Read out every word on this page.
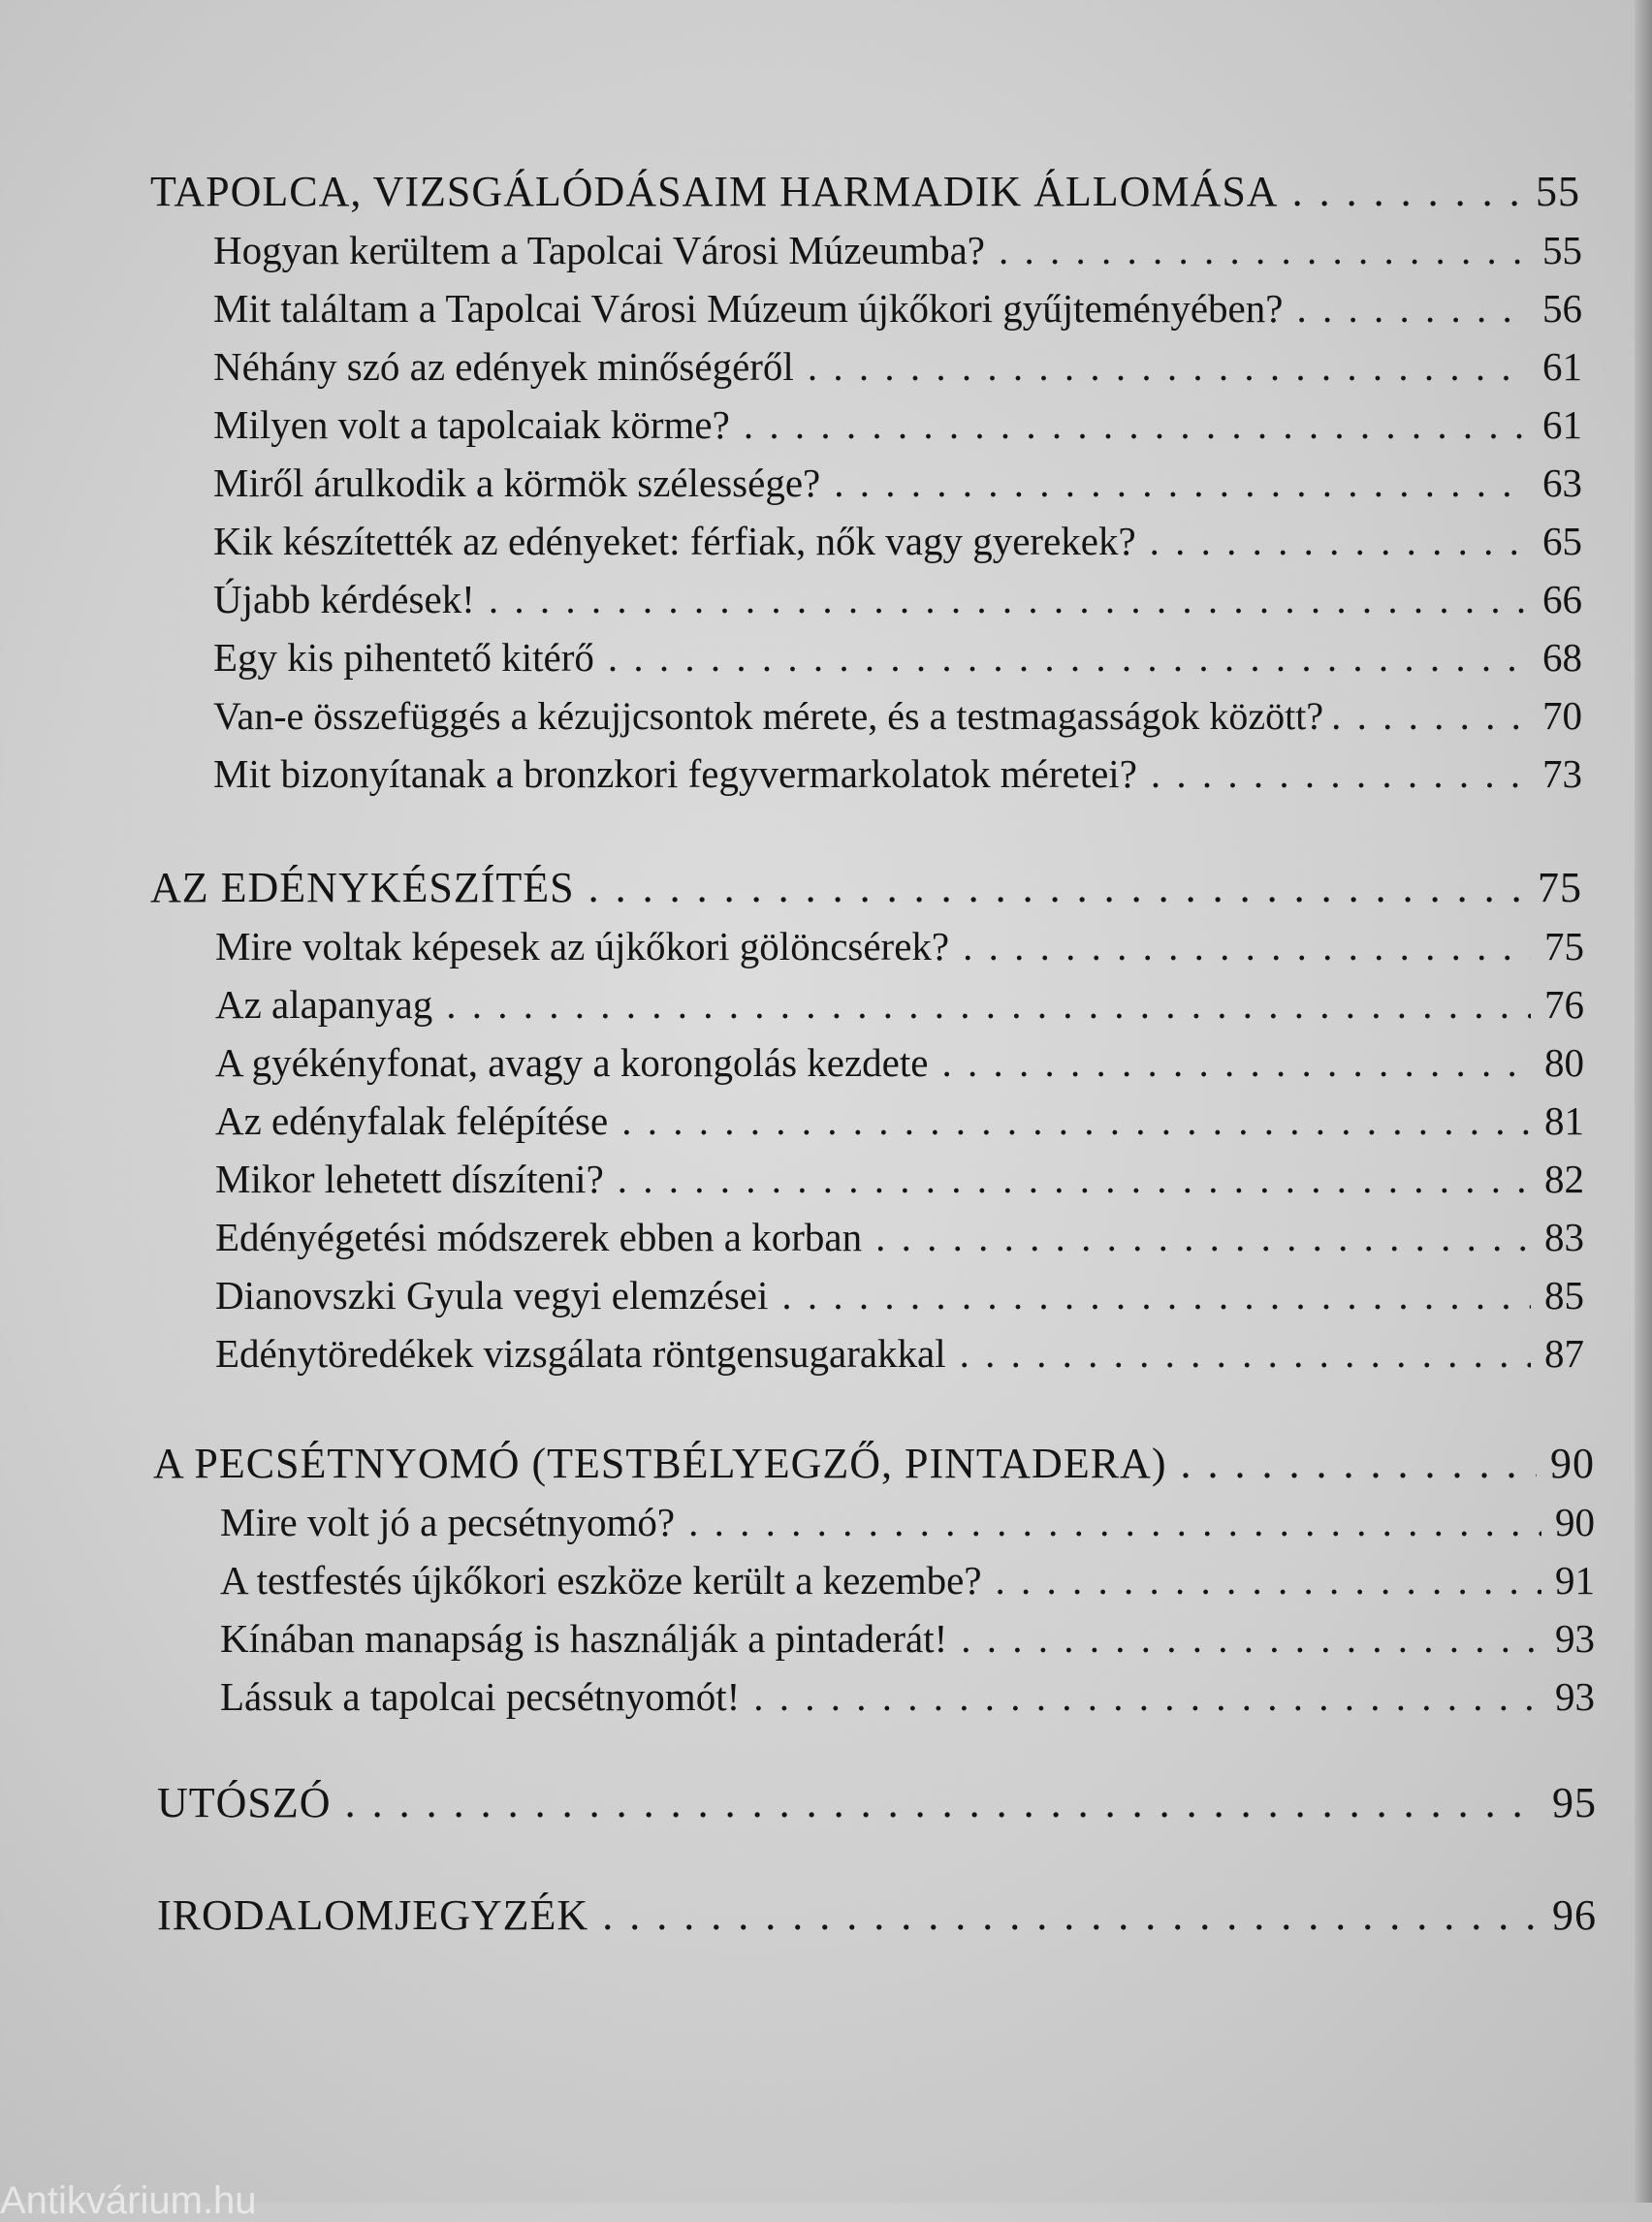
TAPOLCA, VIZSGÁLÓDÁSAIM HARMADIK ÁLLOMÁSA . . .	55
Hogyan kerültem a Tapolcai Városi Múzeumba? . . .	55
Mit találtam a Tapolcai Városi Múzeum újkőkori gyűjteményében? . . .	56
Néhány szó az edények minőségéről . . .	61
Milyen volt a tapolcaiak körme? . . .	61
Miről árulkodik a körmök szélessége? . . .	63
Kik készítették az edényeket: férfiak, nők vagy gyerekek? . . .	65
Újabb kérdések! . . .	66
Egy kis pihentető kitérő . . .	68
Van-e összefüggés a kézujjcsontok mérete, és a testmagasságok között? . . .	70
Mit bizonyítanak a bronzkori fegyvermarkolatok méretei? . . .	73
AZ EDÉNYKÉSZÍTÉS . . .	75
Mire voltak képesek az újkőkori gölöncsérek? . . .	75
Az alapanyag . . .	76
A gyékényfonat, avagy a korongolás kezdete . . .	80
Az edényfalak felépítése . . .	81
Mikor lehetett díszíteni? . . .	82
Edényégetési módszerek ebben a korban . . .	83
Dianovszki Gyula vegyi elemzései . . .	85
Edénytöredékek vizsgálata röntgensugarakkal . . .	87
A PECSÉTNYOMÓ (TESTBÉLYEGZŐ, PINTADERA) . . .	90
Mire volt jó a pecsétnyomó? . . .	90
A testfestés újkőkori eszköze került a kezembe? . . .	91
Kínában manapság is használják a pintaderát! . . .	93
Lássuk a tapolcai pecsétnyomót! . . .	93
UTÓSZÓ . . .	95
IRODALOMJEGYZÉK . . .	96
Antikvárium.hu
